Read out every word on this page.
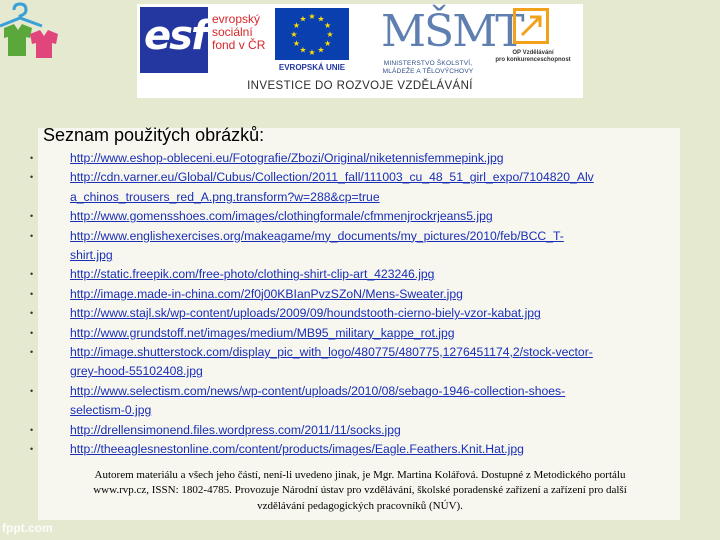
esf evropský
sociální
fond v ČR
★ ★
★
★
★
★
★
★
★
★
★
★
EVROPSKÁ UNIE
MŠMT
MINISTERSTVO ŠKOLSTVÍ,
MLÁDEŽE A TĚLOVÝCHOVY
OP Vzdělávání
pro konkurenceschopnost
INVESTICE DO ROZVOJE VZDĚLÁVÁNÍ
Seznam použitých obrázků:
•	http://www.eshop-obleceni.eu/Fotografie/Zbozi/Original/niketennisfemmepink.jpg
•	http://cdn.varner.eu/Global/Cubus/Collection/2011_fall/111003_cu_48_51_girl_expo/7104820_Alv
a_chinos_trousers_red_A.png.transform?w=288&cp=true
•	http://www.gomensshoes.com/images/clothingformale/cfmmenjrockrjeans5.jpg
•	http://www.englishexercises.org/makeagame/my_documents/my_pictures/2010/feb/BCC_T-
shirt.jpg
•	http://static.freepik.com/free-photo/clothing-shirt-clip-art_423246.jpg
•	http://image.made-in-china.com/2f0j00KBIanPvzSZoN/Mens-Sweater.jpg
•	http://www.stajl.sk/wp-content/uploads/2009/09/houndstooth-cierno-biely-vzor-kabat.jpg
•	http://www.grundstoff.net/images/medium/MB95_military_kappe_rot.jpg
•	http://image.shutterstock.com/display_pic_with_logo/480775/480775,1276451174,2/stock-vector-
grey-hood-55102408.jpg
•	http://www.selectism.com/news/wp-content/uploads/2010/08/sebago-1946-collection-shoes-
selectism-0.jpg
•	http://drellensimonend.files.wordpress.com/2011/11/socks.jpg
•	http://theeaglesnestonline.com/content/products/images/Eagle.Feathers.Knit.Hat.jpg
Autorem materiálu a všech jeho částí, není-li uvedeno jinak, je Mgr. Martina Kolářová. Dostupné z Metodického portálu
www.rvp.cz, ISSN: 1802-4785. Provozuje Národní ústav pro vzdělávání, školské poradenské zařízení a zařízení pro další
vzdělávání pedagogických pracovníků (NÚV).
fppt.com
